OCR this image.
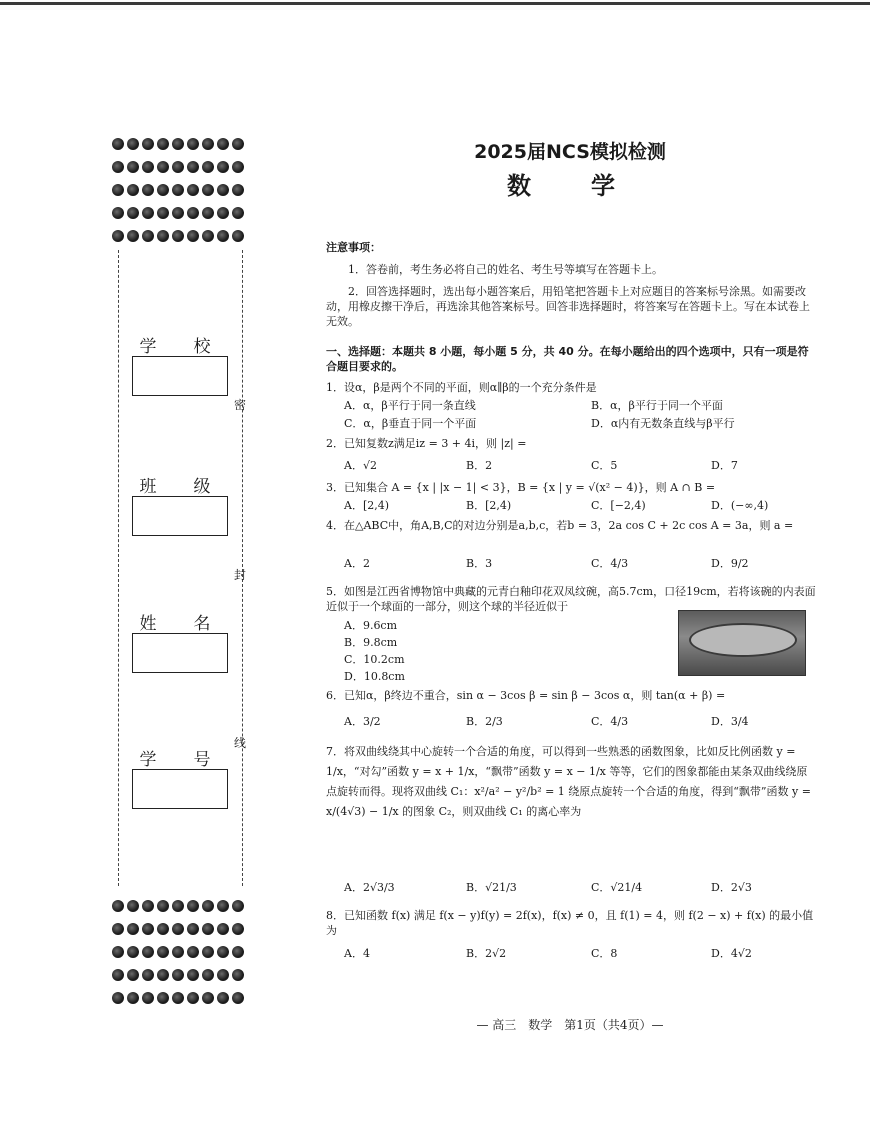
学　校
班　级
姓　名
学　号
密
封
线
2025届NCS模拟检测
数　学
注意事项：
1．答卷前，考生务必将自己的姓名、考生号等填写在答题卡上。
2．回答选择题时，选出每小题答案后，用铅笔把答题卡上对应题目的答案标号涂黑。如需要改动，用橡皮擦干净后，再选涂其他答案标号。回答非选择题时，将答案写在答题卡上。写在本试卷上无效。
一、选择题：本题共 8 小题，每小题 5 分，共 40 分。在每小题给出的四个选项中，只有一项是符合题目要求的。
1．设α，β是两个不同的平面，则α∥β的一个充分条件是
A．α，β平行于同一条直线	B．α，β平行于同一个平面
C．α，β垂直于同一个平面	D．α内有无数条直线与β平行
2．已知复数z满足iz = 3 + 4i，则 |z| =
A．√2	B．2	C．5	D．7
3．已知集合 A = {x | |x − 1| < 3}，B = {x | y = √(x² − 4)}，则 A ∩ B =
A．[2,4)	B．[2,4)	C．[−2,4)	D．(−∞,4)
4．在△ABC中，角A,B,C的对边分别是a,b,c，若b = 3，2a cos C + 2c cos A = 3a，则 a =
A．2	B．3	C．4/3	D．9/2
5．如图是江西省博物馆中典藏的元青白釉印花双凤纹碗，高5.7cm，口径19cm，若将该碗的内表面近似于一个球面的一部分，则这个球的半径近似于
A．9.6cm
B．9.8cm
C．10.2cm
D．10.8cm
6．已知α，β终边不重合，sin α − 3cos β = sin β − 3cos α，则 tan(α + β) =
A．3/2	B．2/3	C．4/3	D．3/4
7．将双曲线绕其中心旋转一个合适的角度，可以得到一些熟悉的函数图象，比如反比例函数 y = 1/x，“对勾”函数 y = x + 1/x，“飘带”函数 y = x − 1/x 等等，它们的图象都能由某条双曲线绕原点旋转而得。现将双曲线 C₁：x²/a² − y²/b² = 1 绕原点旋转一个合适的角度，得到“飘带”函数 y = x/(4√3) − 1/x 的图象 C₂，则双曲线 C₁ 的离心率为
A．2√3/3	B．√21/3	C．√21/4	D．2√3
8．已知函数 f(x) 满足 f(x − y)f(y) = 2f(x)，f(x) ≠ 0，且 f(1) = 4，则 f(2 − x) + f(x) 的最小值为
A．4	B．2√2	C．8	D．4√2
— 高三　数学　第1页（共4页）—
